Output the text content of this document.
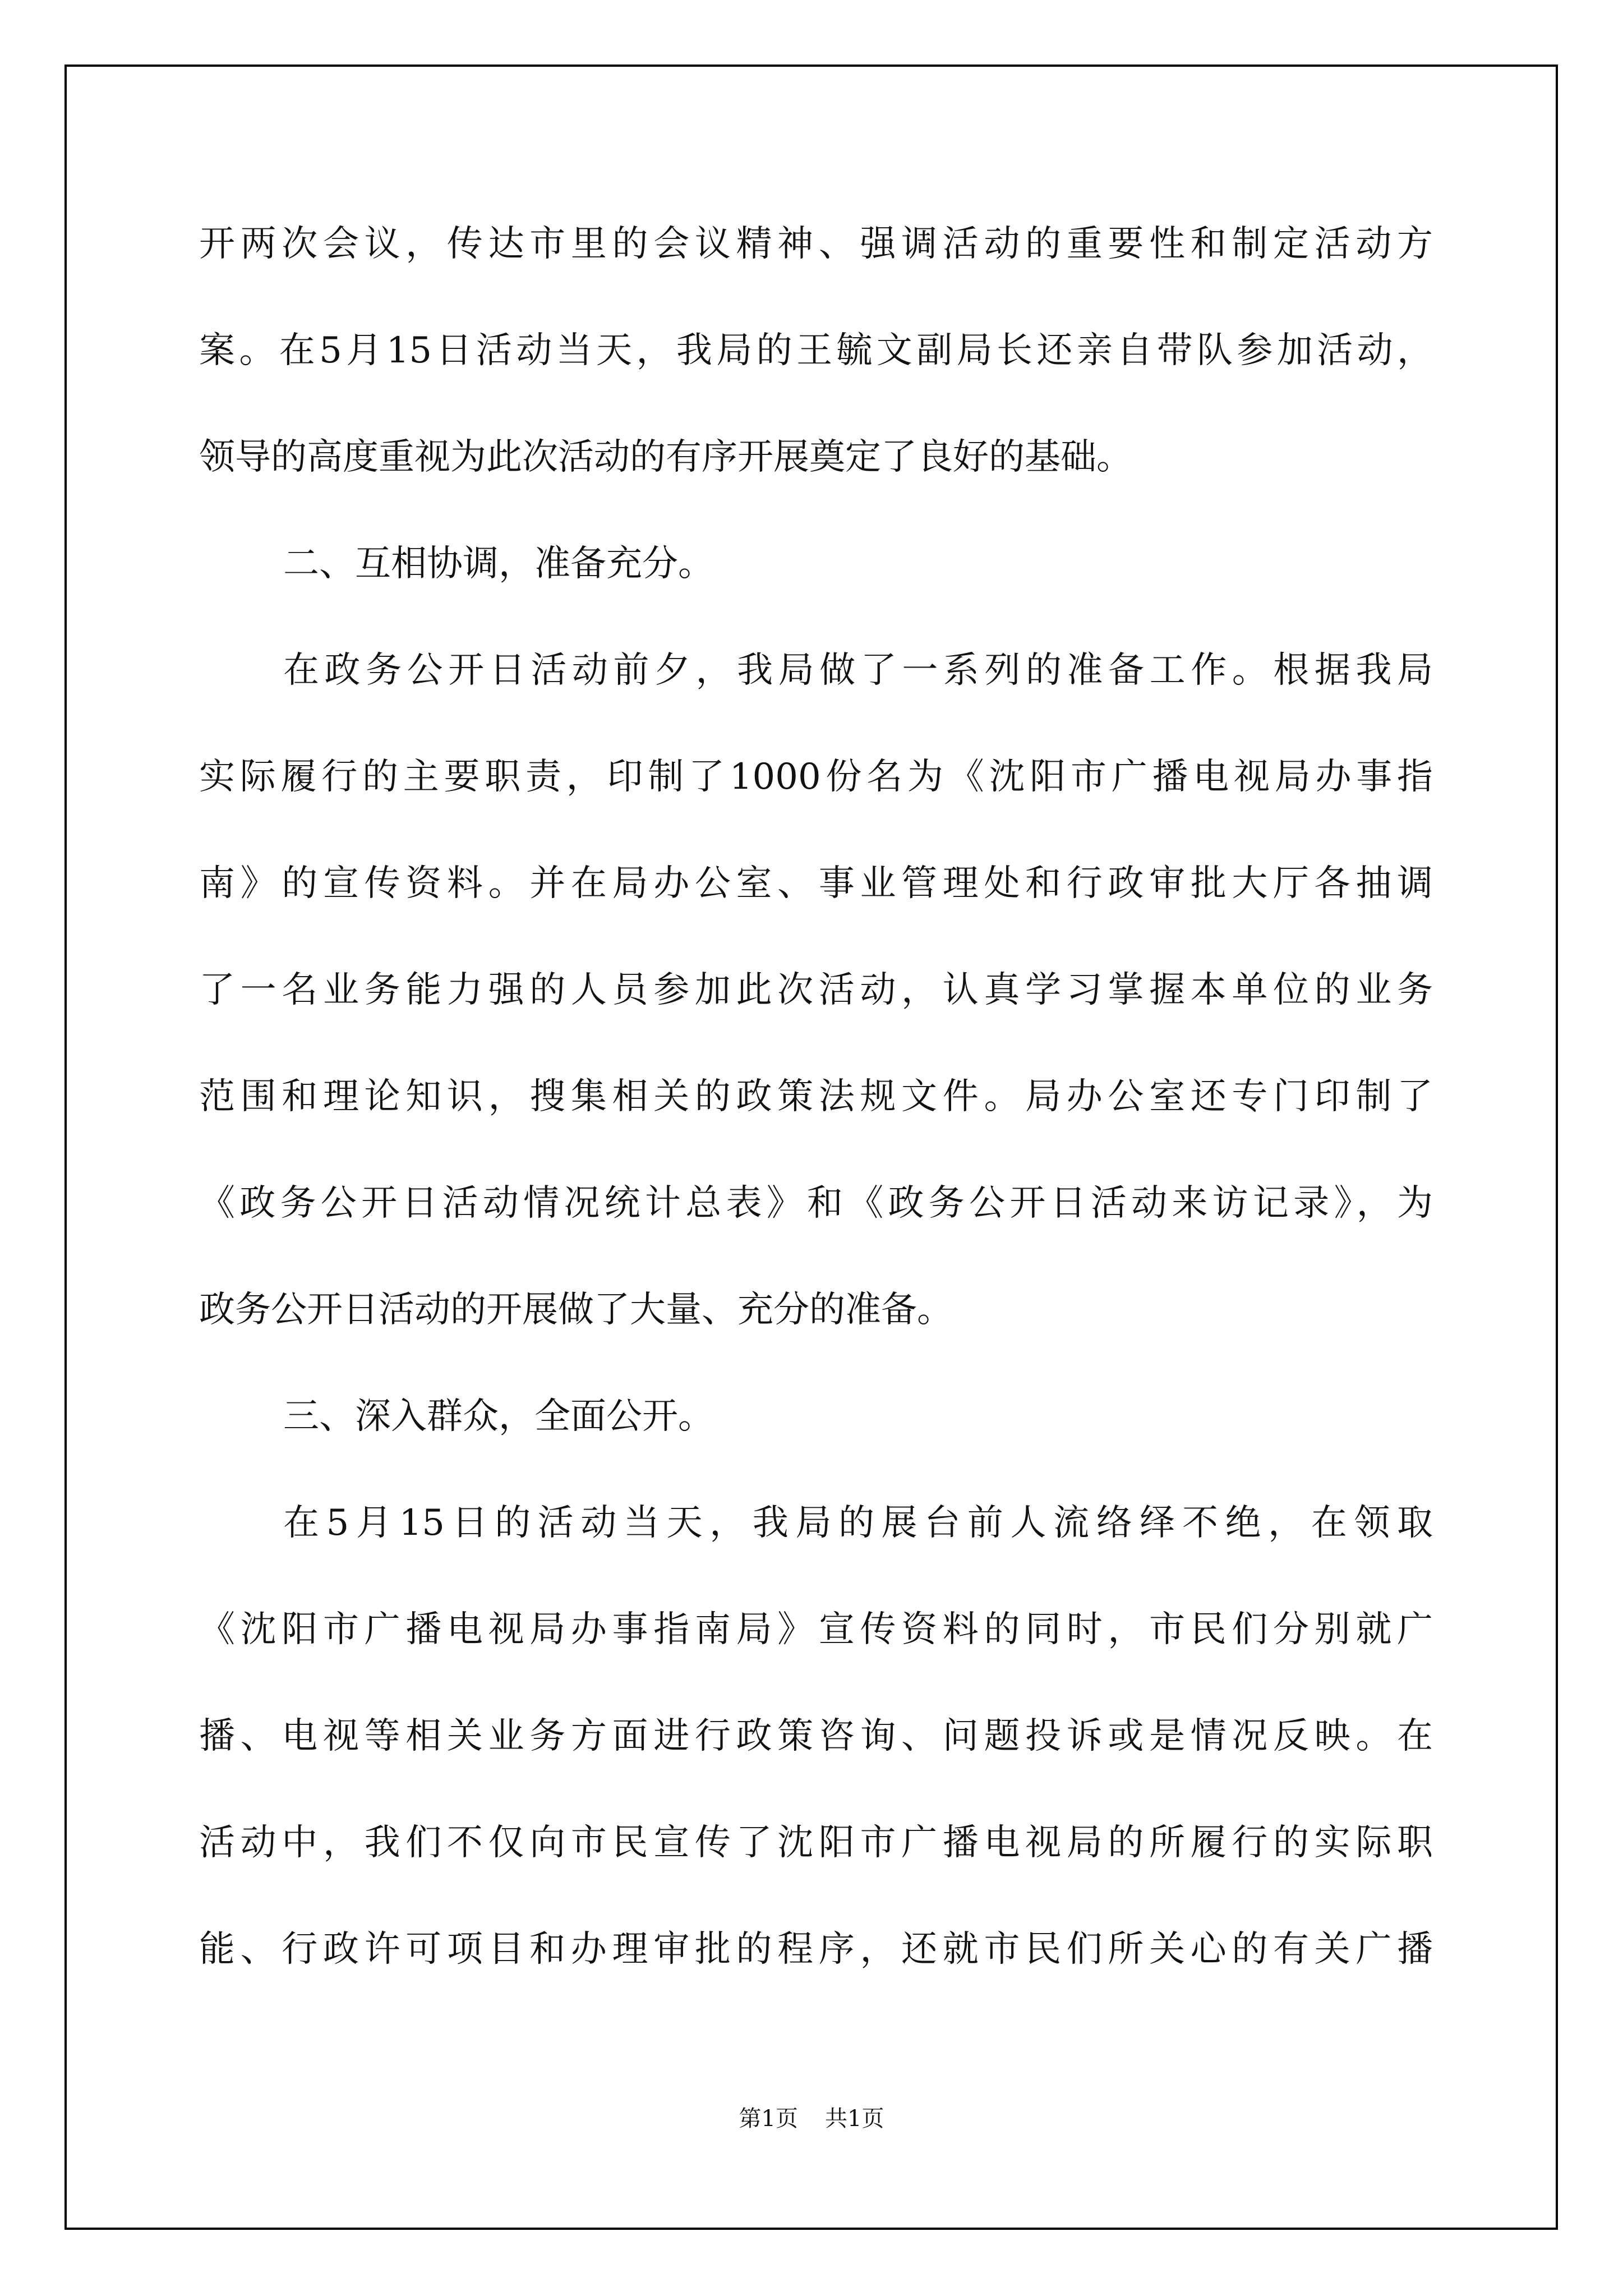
开两次会议，传达市里的会议精神、强调活动的重要性和制定活动方
案。在5月15日活动当天，我局的王毓文副局长还亲自带队参加活动，
领导的高度重视为此次活动的有序开展奠定了良好的基础。
二、互相协调，准备充分。
在政务公开日活动前夕，我局做了一系列的准备工作。根据我局
实际履行的主要职责，印制了1000份名为《沈阳市广播电视局办事指
南》的宣传资料。并在局办公室、事业管理处和行政审批大厅各抽调
了一名业务能力强的人员参加此次活动，认真学习掌握本单位的业务
范围和理论知识，搜集相关的政策法规文件。局办公室还专门印制了
《政务公开日活动情况统计总表》和《政务公开日活动来访记录》，为
政务公开日活动的开展做了大量、充分的准备。
三、深入群众，全面公开。
在5月15日的活动当天，我局的展台前人流络绎不绝，在领取
《沈阳市广播电视局办事指南局》宣传资料的同时，市民们分别就广
播、电视等相关业务方面进行政策咨询、问题投诉或是情况反映。在
活动中，我们不仅向市民宣传了沈阳市广播电视局的所履行的实际职
能、行政许可项目和办理审批的程序，还就市民们所关心的有关广播
第1页 共1页
